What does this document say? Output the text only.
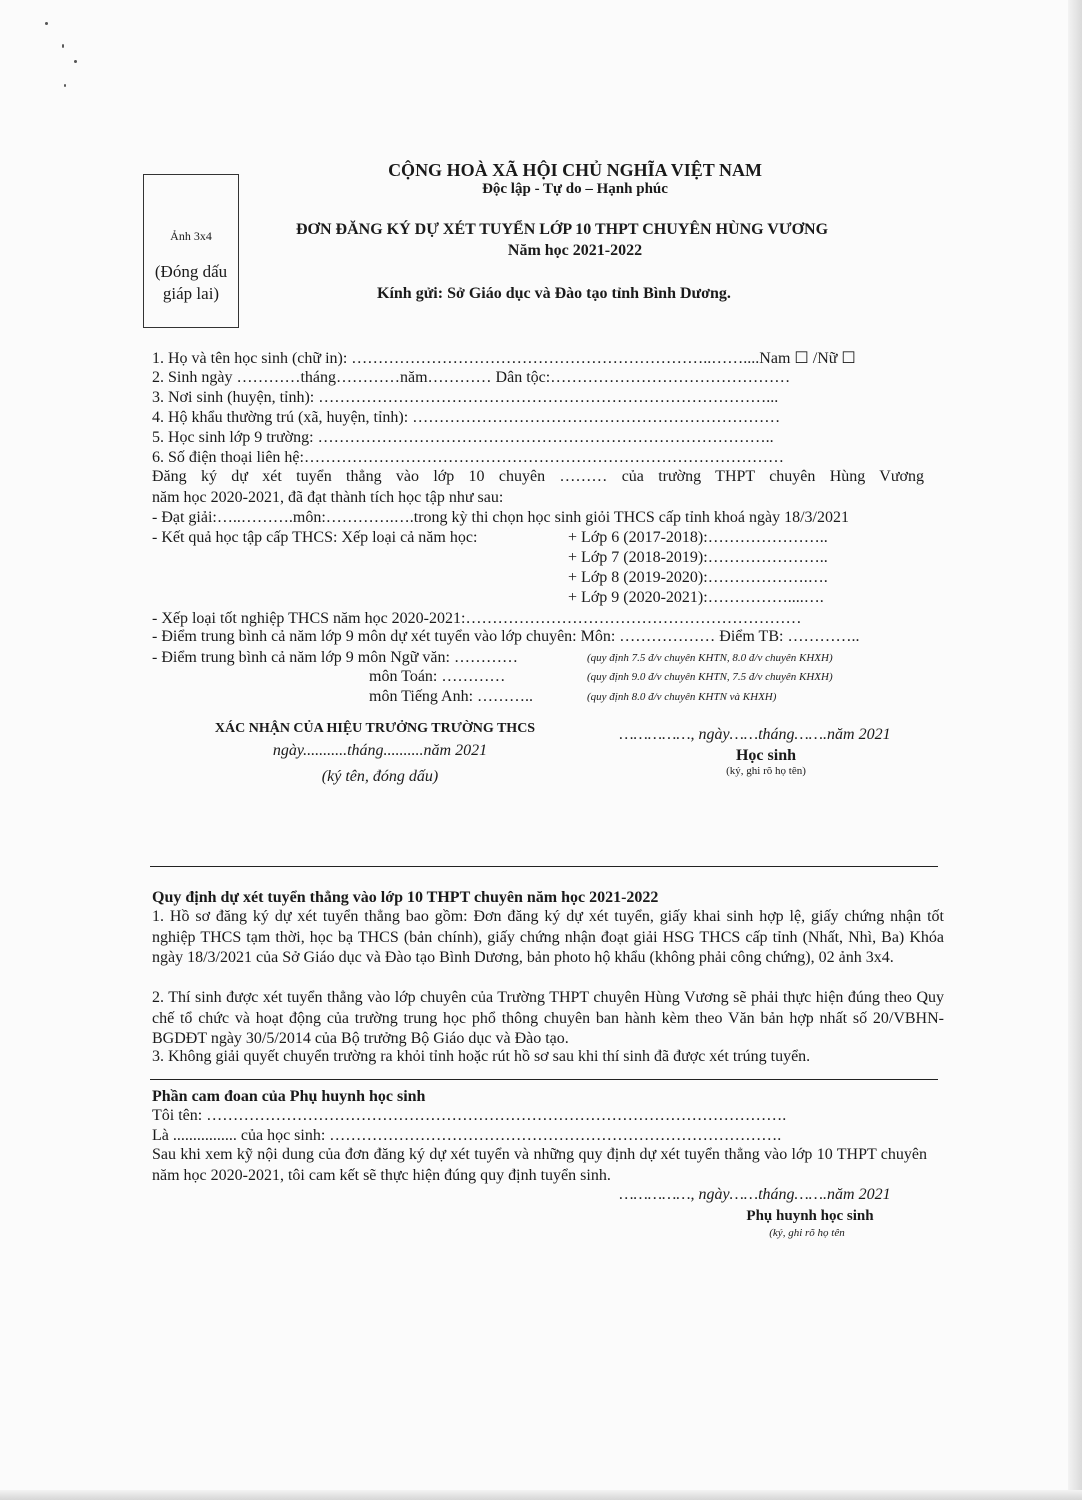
CỘNG HOÀ XÃ HỘI CHỦ NGHĨA VIỆT NAM
Độc lập - Tự do – Hạnh phúc
ĐƠN ĐĂNG KÝ DỰ XÉT TUYỂN LỚP 10 THPT CHUYÊN HÙNG VƯƠNG
Năm học 2021-2022
Kính gửi: Sở Giáo dục và Đào tạo tỉnh Bình Dương.
Ảnh 3x4
(Đóng dấu giáp lai)
1. Họ và tên học sinh (chữ in): …………………………………………………………..……....Nam ☐ /Nữ ☐
2. Sinh ngày …………tháng…………năm………… Dân tộc:………………………………………
3. Nơi sinh (huyện, tỉnh): …………………………………………………………………………...
4. Hộ khẩu thường trú (xã, huyện, tỉnh): ……………………………………………………………
5. Học sinh lớp 9 trường: …………………………………………………………………………..
6. Số điện thoại liên hệ:………………………………………………………………………………
Đăng ký dự xét tuyển thẳng vào lớp 10 chuyên ……… của trường THPT chuyên Hùng Vương
năm học 2020-2021, đã đạt thành tích học tập như sau:
- Đạt giải:…..……….môn:………….….trong kỳ thi chọn học sinh giỏi THCS cấp tỉnh khoá ngày 18/3/2021
- Kết quả học tập cấp THCS: Xếp loại cả năm học:	+ Lớp 6 (2017-2018):…………………..
+ Lớp 7 (2018-2019):…………………..
+ Lớp 8 (2019-2020):……………….….
+ Lớp 9 (2020-2021):……………....….
- Xếp loại tốt nghiệp THCS năm học 2020-2021:………………………………………………………
- Điểm trung bình cả năm lớp 9 môn dự xét tuyển vào lớp chuyên: Môn: ……………… Điểm TB: …………..
- Điểm trung bình cả năm lớp 9 môn Ngữ văn: …………	(quy định 7.5 đ/v chuyên KHTN, 8.0 đ/v chuyên KHXH)
môn Toán: …………	(quy định 9.0 đ/v chuyên KHTN, 7.5 đ/v chuyên KHXH)
môn Tiếng Anh: ………..	(quy định 8.0 đ/v chuyên KHTN và KHXH)
XÁC NHẬN CỦA HIỆU TRƯỞNG TRƯỜNG THCS
ngày...........tháng..........năm 2021
(ký tên, đóng dấu)
……………, ngày……tháng…….năm 2021
Học sinh
(ký, ghi rõ họ tên)
Quy định dự xét tuyển thẳng vào lớp 10 THPT chuyên năm học 2021-2022
1. Hồ sơ đăng ký dự xét tuyển thẳng bao gồm: Đơn đăng ký dự xét tuyển, giấy khai sinh hợp lệ, giấy chứng nhận tốt nghiệp THCS tạm thời, học bạ THCS (bản chính), giấy chứng nhận đoạt giải HSG THCS cấp tỉnh (Nhất, Nhì, Ba) Khóa ngày 18/3/2021 của Sở Giáo dục và Đào tạo Bình Dương, bản photo hộ khẩu (không phải công chứng), 02 ảnh 3x4.
2. Thí sinh được xét tuyển thẳng vào lớp chuyên của Trường THPT chuyên Hùng Vương sẽ phải thực hiện đúng theo Quy chế tổ chức và hoạt động của trường trung học phổ thông chuyên ban hành kèm theo Văn bản hợp nhất số 20/VBHN-BGDĐT ngày 30/5/2014 của Bộ trưởng Bộ Giáo dục và Đào tạo.
3. Không giải quyết chuyển trường ra khỏi tỉnh hoặc rút hồ sơ sau khi thí sinh đã được xét trúng tuyển.
Phần cam đoan của Phụ huynh học sinh
Tôi tên: ……………………………………………………………………………………………….
Là ................ của học sinh: ………………………………………………………………………….
Sau khi xem kỹ nội dung của đơn đăng ký dự xét tuyển và những quy định dự xét tuyển thẳng vào lớp 10 THPT chuyên năm học 2020-2021, tôi cam kết sẽ thực hiện đúng quy định tuyển sinh.
……………, ngày……tháng…….năm 2021
Phụ huynh học sinh
(ký, ghi rõ họ tên
